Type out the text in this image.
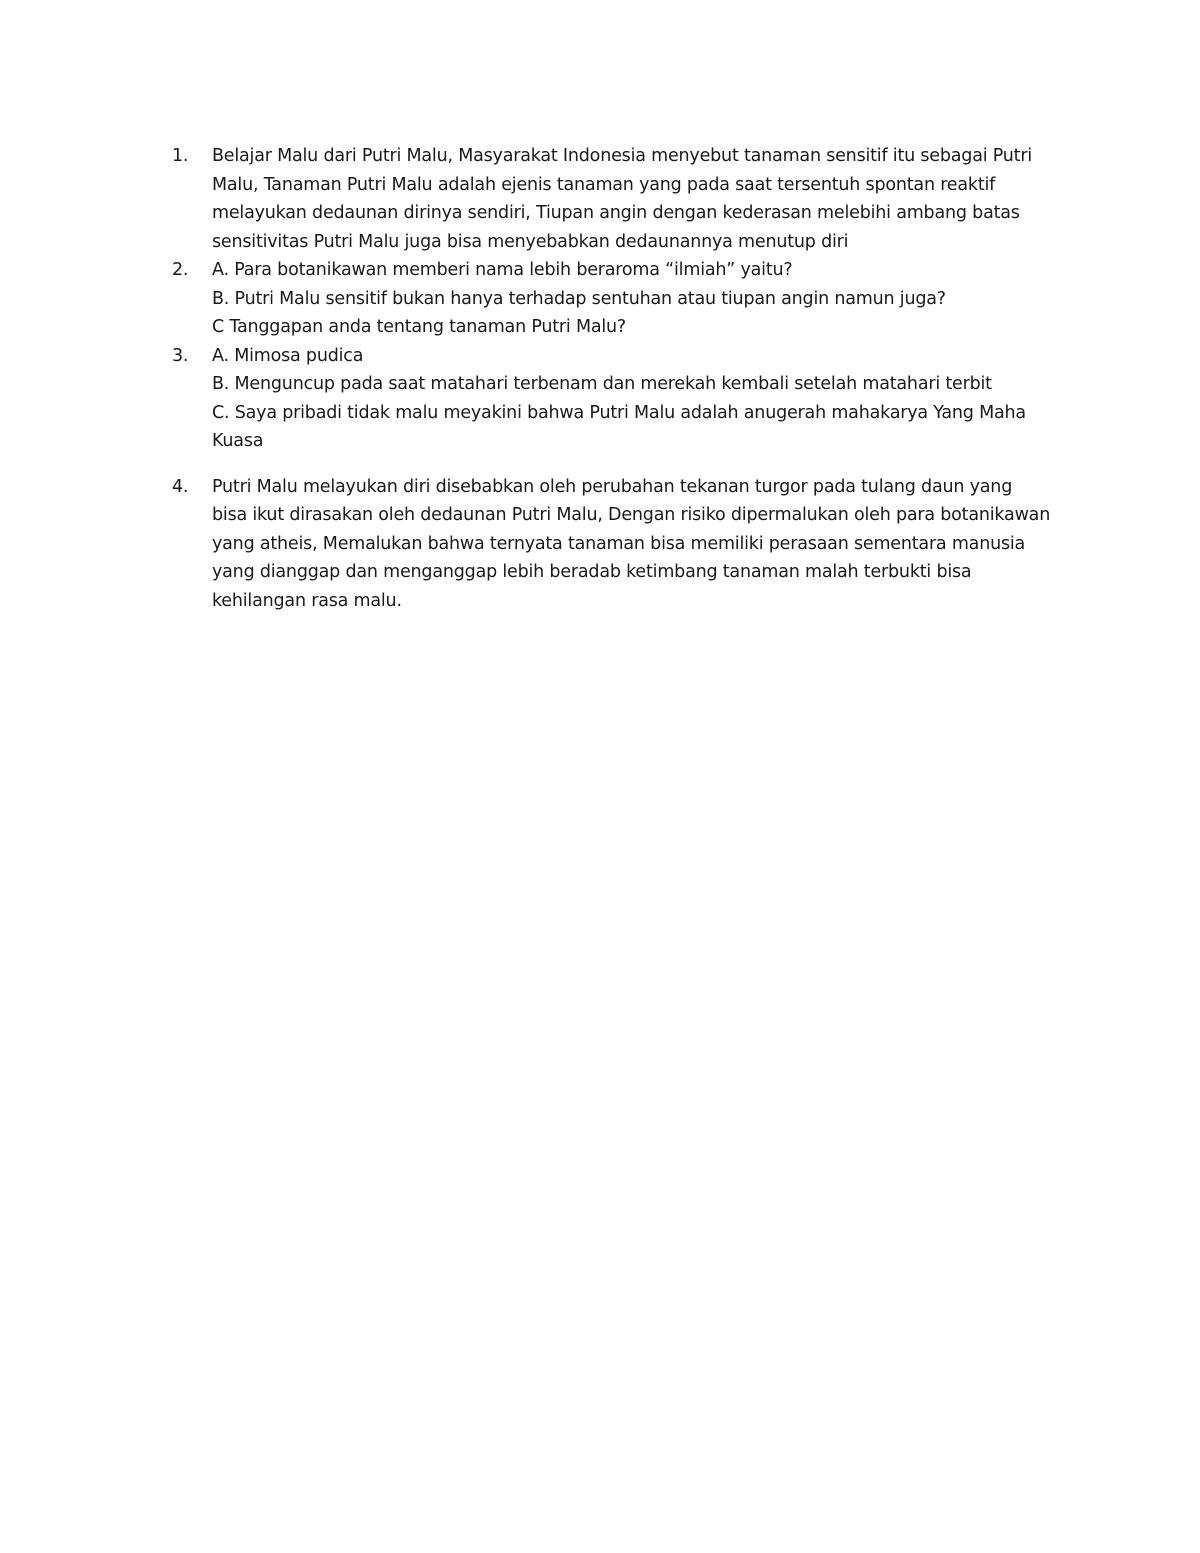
1.	Belajar Malu dari Putri Malu, Masyarakat Indonesia menyebut tanaman sensitif itu sebagai Putri Malu, Tanaman Putri Malu adalah ejenis tanaman yang pada saat tersentuh spontan reaktif melayukan dedaunan dirinya sendiri, Tiupan angin dengan kederasan melebihi ambang batas sensitivitas Putri Malu juga bisa menyebabkan dedaunannya menutup diri
2.	A. Para botanikawan memberi nama lebih beraroma “ilmiah” yaitu?
B. Putri Malu sensitif bukan hanya terhadap sentuhan atau tiupan angin namun juga?
C Tanggapan anda tentang tanaman Putri Malu?
3.	A. Mimosa pudica
B. Menguncup pada saat matahari terbenam dan merekah kembali setelah matahari terbit
C. Saya pribadi tidak malu meyakini bahwa Putri Malu adalah anugerah mahakarya Yang Maha Kuasa
4.	Putri Malu melayukan diri disebabkan oleh perubahan tekanan turgor pada tulang daun yang bisa ikut dirasakan oleh dedaunan Putri Malu, Dengan risiko dipermalukan oleh para botanikawan yang atheis, Memalukan bahwa ternyata tanaman bisa memiliki perasaan sementara manusia yang dianggap dan menganggap lebih beradab ketimbang tanaman malah terbukti bisa kehilangan rasa malu.
